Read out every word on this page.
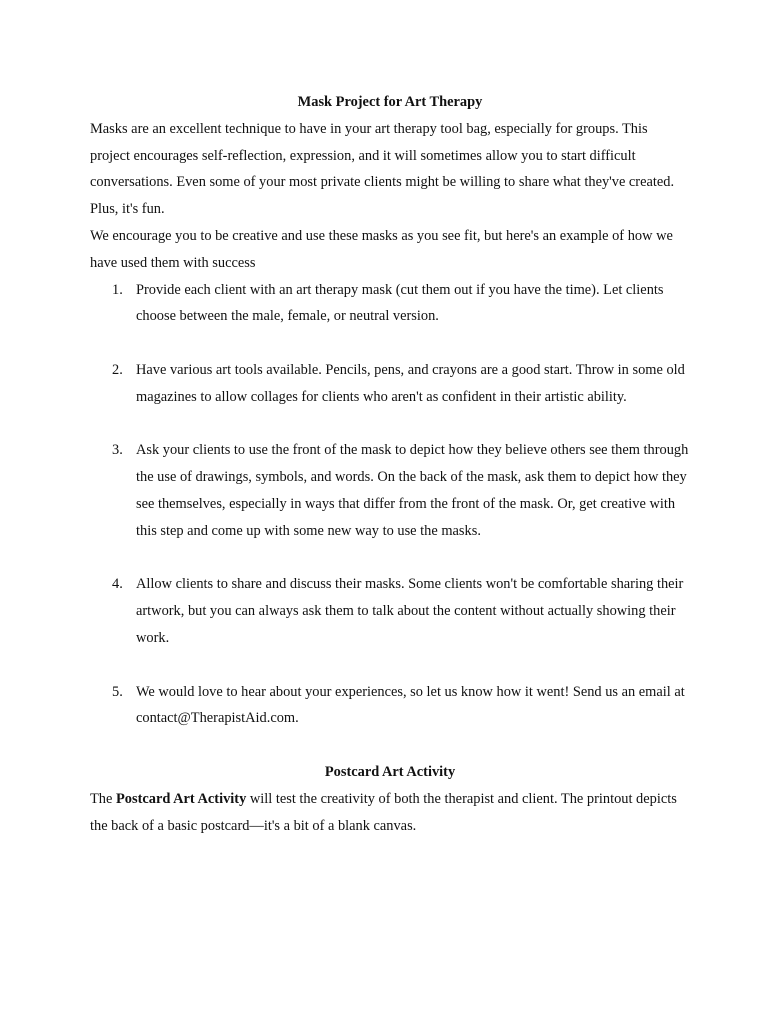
Mask Project for Art Therapy

Masks are an excellent technique to have in your art therapy tool bag, especially for groups. This project encourages self-reflection, expression, and it will sometimes allow you to start difficult conversations. Even some of your most private clients might be willing to share what they've created. Plus, it's fun.

We encourage you to be creative and use these masks as you see fit, but here's an example of how we have used them with success

1. Provide each client with an art therapy mask (cut them out if you have the time). Let clients choose between the male, female, or neutral version.
2. Have various art tools available. Pencils, pens, and crayons are a good start. Throw in some old magazines to allow collages for clients who aren't as confident in their artistic ability.
3. Ask your clients to use the front of the mask to depict how they believe others see them through the use of drawings, symbols, and words. On the back of the mask, ask them to depict how they see themselves, especially in ways that differ from the front of the mask. Or, get creative with this step and come up with some new way to use the masks.
4. Allow clients to share and discuss their masks. Some clients won't be comfortable sharing their artwork, but you can always ask them to talk about the content without actually showing their work.
5. We would love to hear about your experiences, so let us know how it went! Send us an email at contact@TherapistAid.com.

Postcard Art Activity

The Postcard Art Activity will test the creativity of both the therapist and client. The printout depicts the back of a basic postcard—it's a bit of a blank canvas.
